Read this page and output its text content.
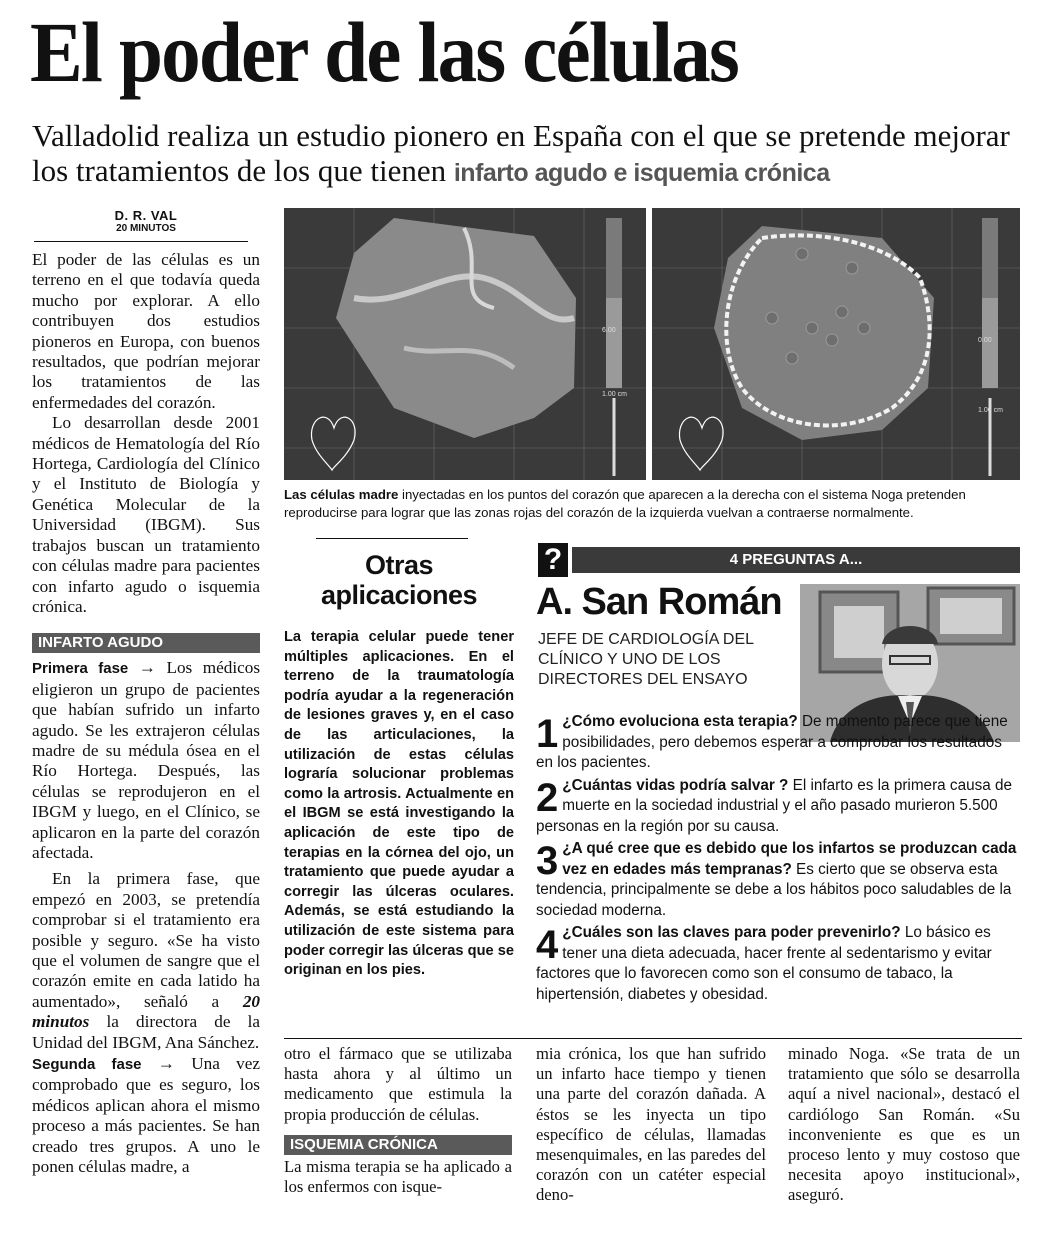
El poder de las células
Valladolid realiza un estudio pionero en España con el que se pretende mejorar los tratamientos de los que tienen infarto agudo e isquemia crónica
D. R. VAL
20 MINUTOS

El poder de las células es un terreno en el que todavía queda mucho por explorar. A ello contribuyen dos estudios pioneros en Europa, con buenos resultados, que podrían mejorar los tratamientos de las enfermedades del corazón.

Lo desarrollan desde 2001 médicos de Hematología del Río Hortega, Cardiología del Clínico y el Instituto de Biología y Genética Molecular de la Universidad (IBGM). Sus trabajos buscan un tratamiento con células madre para pacientes con infarto agudo o isquemia crónica.

INFARTO AGUDO

Primera fase → Los médicos eligieron un grupo de pacientes que habían sufrido un infarto agudo. Se les extrajeron células madre de su médula ósea en el Río Hortega. Después, las células se reprodujeron en el IBGM y luego, en el Clínico, se aplicaron en la parte del corazón afectada.

En la primera fase, que empezó en 2003, se pretendía comprobar si el tratamiento era posible y seguro. «Se ha visto que el volumen de sangre que el corazón emite en cada latido ha aumentado», señaló a 20 minutos la directora de la Unidad del IBGM, Ana Sánchez.

Segunda fase → Una vez comprobado que es seguro, los médicos aplican ahora el mismo proceso a más pacientes. Se han creado tres grupos. A uno le ponen células madre, a

6.00
1.00 cm
0.00
1.00 cm
Las células madre inyectadas en los puntos del corazón que aparecen a la derecha con el sistema Noga pretenden reproducirse para lograr que las zonas rojas del corazón de la izquierda vuelvan a contraerse normalmente.
Otras aplicaciones
La terapia celular puede tener múltiples aplicaciones. En el terreno de la traumatología podría ayudar a la regeneración de lesiones graves y, en el caso de las articulaciones, la utilización de estas células lograría solucionar problemas como la artrosis. Actualmente en el IBGM se está investigando la aplicación de este tipo de terapias en la córnea del ojo, un tratamiento que puede ayudar a corregir las úlceras oculares. Además, se está estudiando la utilización de este sistema para poder corregir las úlceras que se originan en los pies.
?	4 PREGUNTAS A...
A. San Román
JEFE DE CARDIOLOGÍA DEL CLÍNICO Y UNO DE LOS DIRECTORES DEL ENSAYO
1 ¿Cómo evoluciona esta terapia? De momento parece que tiene posibilidades, pero debemos esperar a comprobar los resultados en los pacientes.
2 ¿Cuántas vidas podría salvar ? El infarto es la primera causa de muerte en la sociedad industrial y el año pasado murieron 5.500 personas en la región por su causa.
3 ¿A qué cree que es debido que los infartos se produzcan cada vez en edades más tempranas? Es cierto que se observa esta tendencia, principalmente se debe a los hábitos poco saludables de la sociedad moderna.
4 ¿Cuáles son las claves para poder prevenirlo? Lo básico es tener una dieta adecuada, hacer frente al sedentarismo y evitar factores que lo favorecen como son el consumo de tabaco, la hipertensión, diabetes y obesidad.

otro el fármaco que se utilizaba hasta ahora y al último un medicamento que estimula la propia producción de células.

ISQUEMIA CRÓNICA

La misma terapia se ha aplicado a los enfermos con isque-

mia crónica, los que han sufrido un infarto hace tiempo y tienen una parte del corazón dañada. A éstos se les inyecta un tipo específico de células, llamadas mesenquimales, en las paredes del corazón con un catéter especial deno-

minado Noga. «Se trata de un tratamiento que sólo se desarrolla aquí a nivel nacional», destacó el cardiólogo San Román. «Su inconveniente es que es un proceso lento y muy costoso que necesita apoyo institucional», aseguró.
